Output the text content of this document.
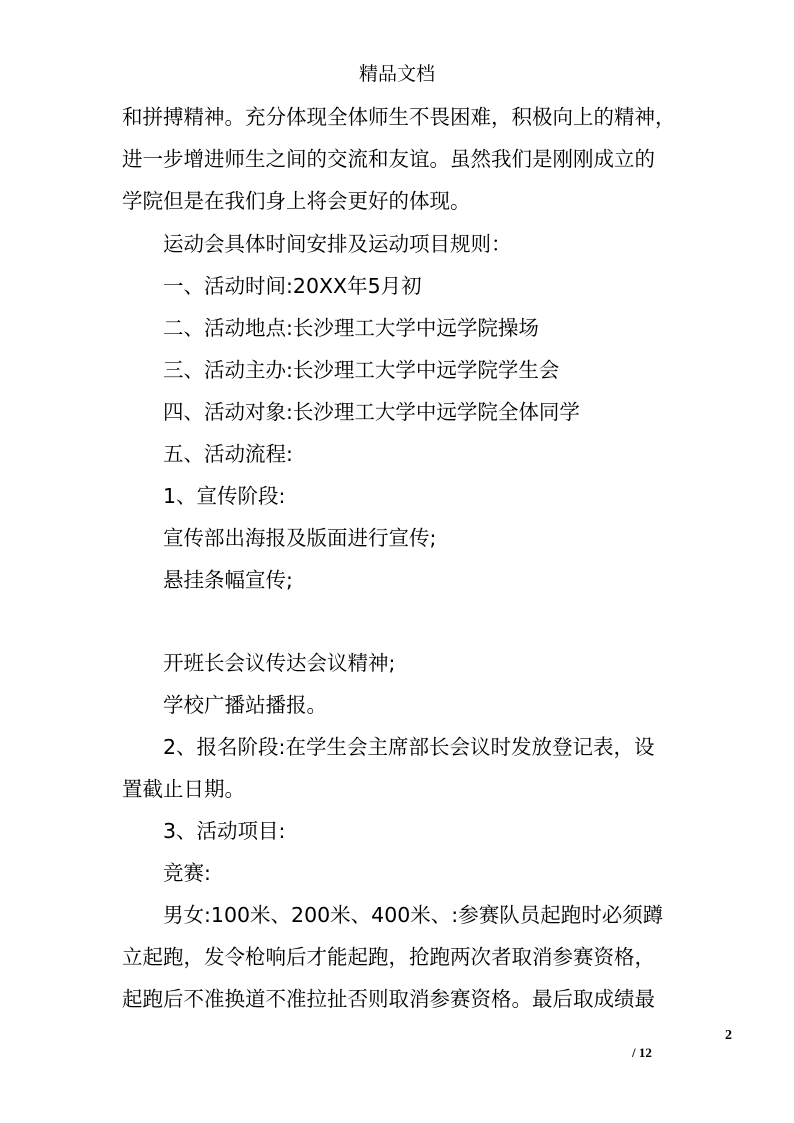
精品文档
和拼搏精神。充分体现全体师生不畏困难，积极向上的精神，
进一步增进师生之间的交流和友谊。虽然我们是刚刚成立的
学院但是在我们身上将会更好的体现。
运动会具体时间安排及运动项目规则：
一、活动时间:20XX年5月初
二、活动地点:长沙理工大学中远学院操场
三、活动主办:长沙理工大学中远学院学生会
四、活动对象:长沙理工大学中远学院全体同学
五、活动流程:
1、宣传阶段:
宣传部出海报及版面进行宣传;
悬挂条幅宣传;
开班长会议传达会议精神;
学校广播站播报。
2、报名阶段:在学生会主席部长会议时发放登记表，设
置截止日期。
3、活动项目:
竞赛:
男女:100米、200米、400米、:参赛队员起跑时必须蹲
立起跑，发令枪响后才能起跑，抢跑两次者取消参赛资格，
起跑后不准换道不准拉扯否则取消参赛资格。最后取成绩最
2
/ 12
